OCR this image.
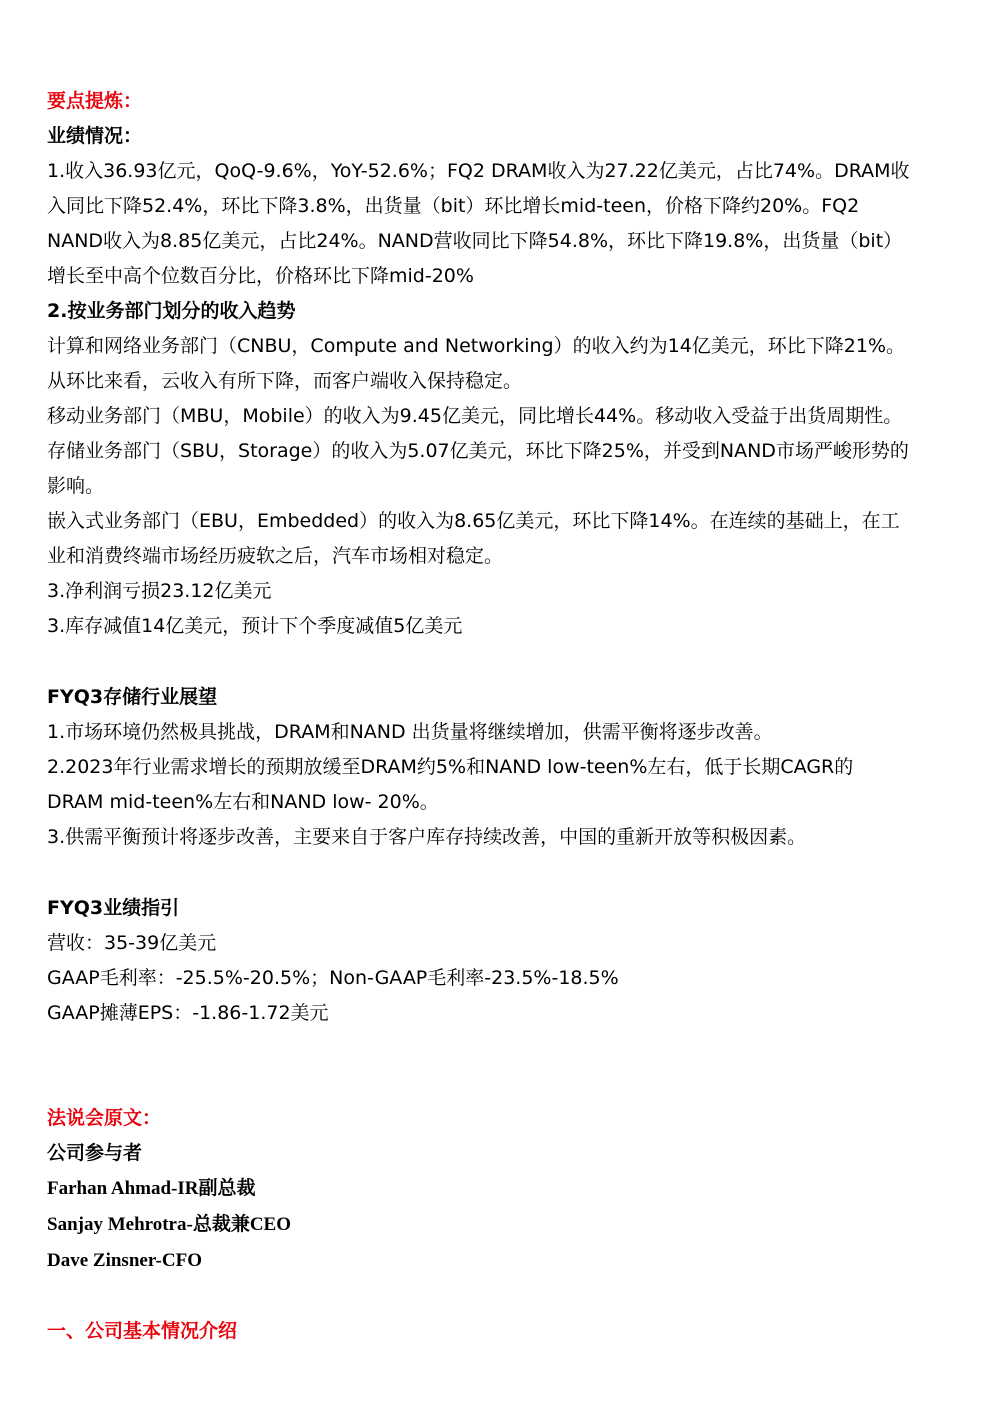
要点提炼：
业绩情况：
1.收入36.93亿元，QoQ-9.6%，YoY-52.6%；FQ2 DRAM收入为27.22亿美元，占比74%。DRAM收
入同比下降52.4%，环比下降3.8%，出货量（bit）环比增长mid-teen，价格下降约20%。FQ2
NAND收入为8.85亿美元，占比24%。NAND营收同比下降54.8%，环比下降19.8%，出货量（bit）
增长至中高个位数百分比，价格环比下降mid-20%
2.按业务部门划分的收入趋势
计算和网络业务部门（CNBU，Compute and Networking）的收入约为14亿美元，环比下降21%。
从环比来看，云收入有所下降，而客户端收入保持稳定。
移动业务部门（MBU，Mobile）的收入为9.45亿美元，同比增长44%。移动收入受益于出货周期性。
存储业务部门（SBU，Storage）的收入为5.07亿美元，环比下降25%，并受到NAND市场严峻形势的
影响。
嵌入式业务部门（EBU，Embedded）的收入为8.65亿美元，环比下降14%。在连续的基础上，在工
业和消费终端市场经历疲软之后，汽车市场相对稳定。
3.净利润亏损23.12亿美元
3.库存减值14亿美元，预计下个季度减值5亿美元
FYQ3存储行业展望
1.市场环境仍然极具挑战，DRAM和NAND 出货量将继续增加，供需平衡将逐步改善。
2.2023年行业需求增长的预期放缓至DRAM约5%和NAND low-teen%左右，低于长期CAGR的
DRAM mid-teen%左右和NAND low- 20%。
3.供需平衡预计将逐步改善，主要来自于客户库存持续改善，中国的重新开放等积极因素。
FYQ3业绩指引
营收：35-39亿美元
GAAP毛利率：-25.5%-20.5%；Non-GAAP毛利率-23.5%-18.5%
GAAP摊薄EPS：-1.86-1.72美元
法说会原文：
公司参与者
Farhan Ahmad-IR副总裁
Sanjay Mehrotra-总裁兼CEO
Dave Zinsner-CFO
一、公司基本情况介绍
